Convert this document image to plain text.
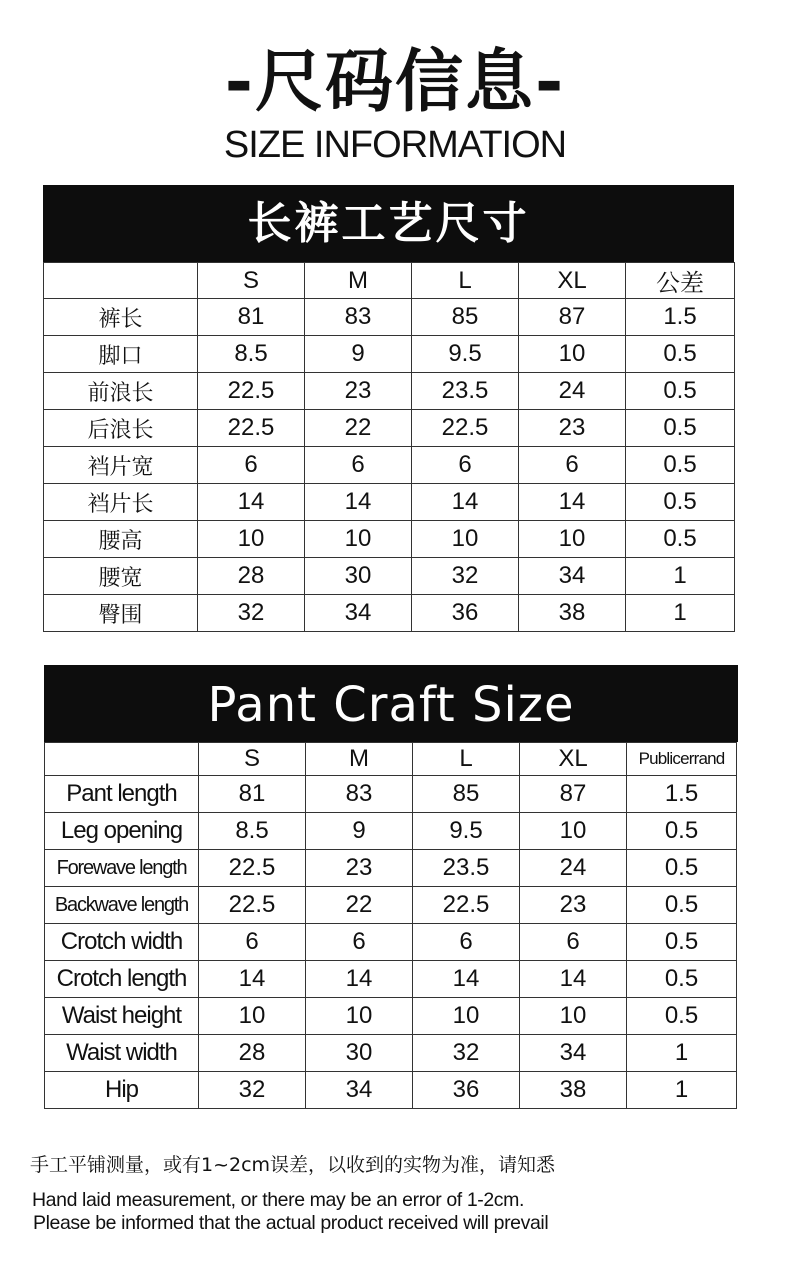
-尺码信息-
SIZE INFORMATION
长裤工艺尺寸
	S	M	L	XL	公差
裤长	81	83	85	87	1.5
脚口	8.5	9	9.5	10	0.5
前浪长	22.5	23	23.5	24	0.5
后浪长	22.5	22	22.5	23	0.5
裆片宽	6	6	6	6	0.5
裆片长	14	14	14	14	0.5
腰高	10	10	10	10	0.5
腰宽	28	30	32	34	1
臀围	32	34	36	38	1
Pant Craft Size
	S	M	L	XL	Publicerrand
Pant length	81	83	85	87	1.5
Leg opening	8.5	9	9.5	10	0.5
Forewave length	22.5	23	23.5	24	0.5
Backwave length	22.5	22	22.5	23	0.5
Crotch width	6	6	6	6	0.5
Crotch length	14	14	14	14	0.5
Waist height	10	10	10	10	0.5
Waist width	28	30	32	34	1
Hip	32	34	36	38	1
手工平铺测量，或有1~2cm误差，以收到的实物为准，请知悉
Hand laid measurement, or there may be an error of 1-2cm.
Please be informed that the actual product received will prevail
